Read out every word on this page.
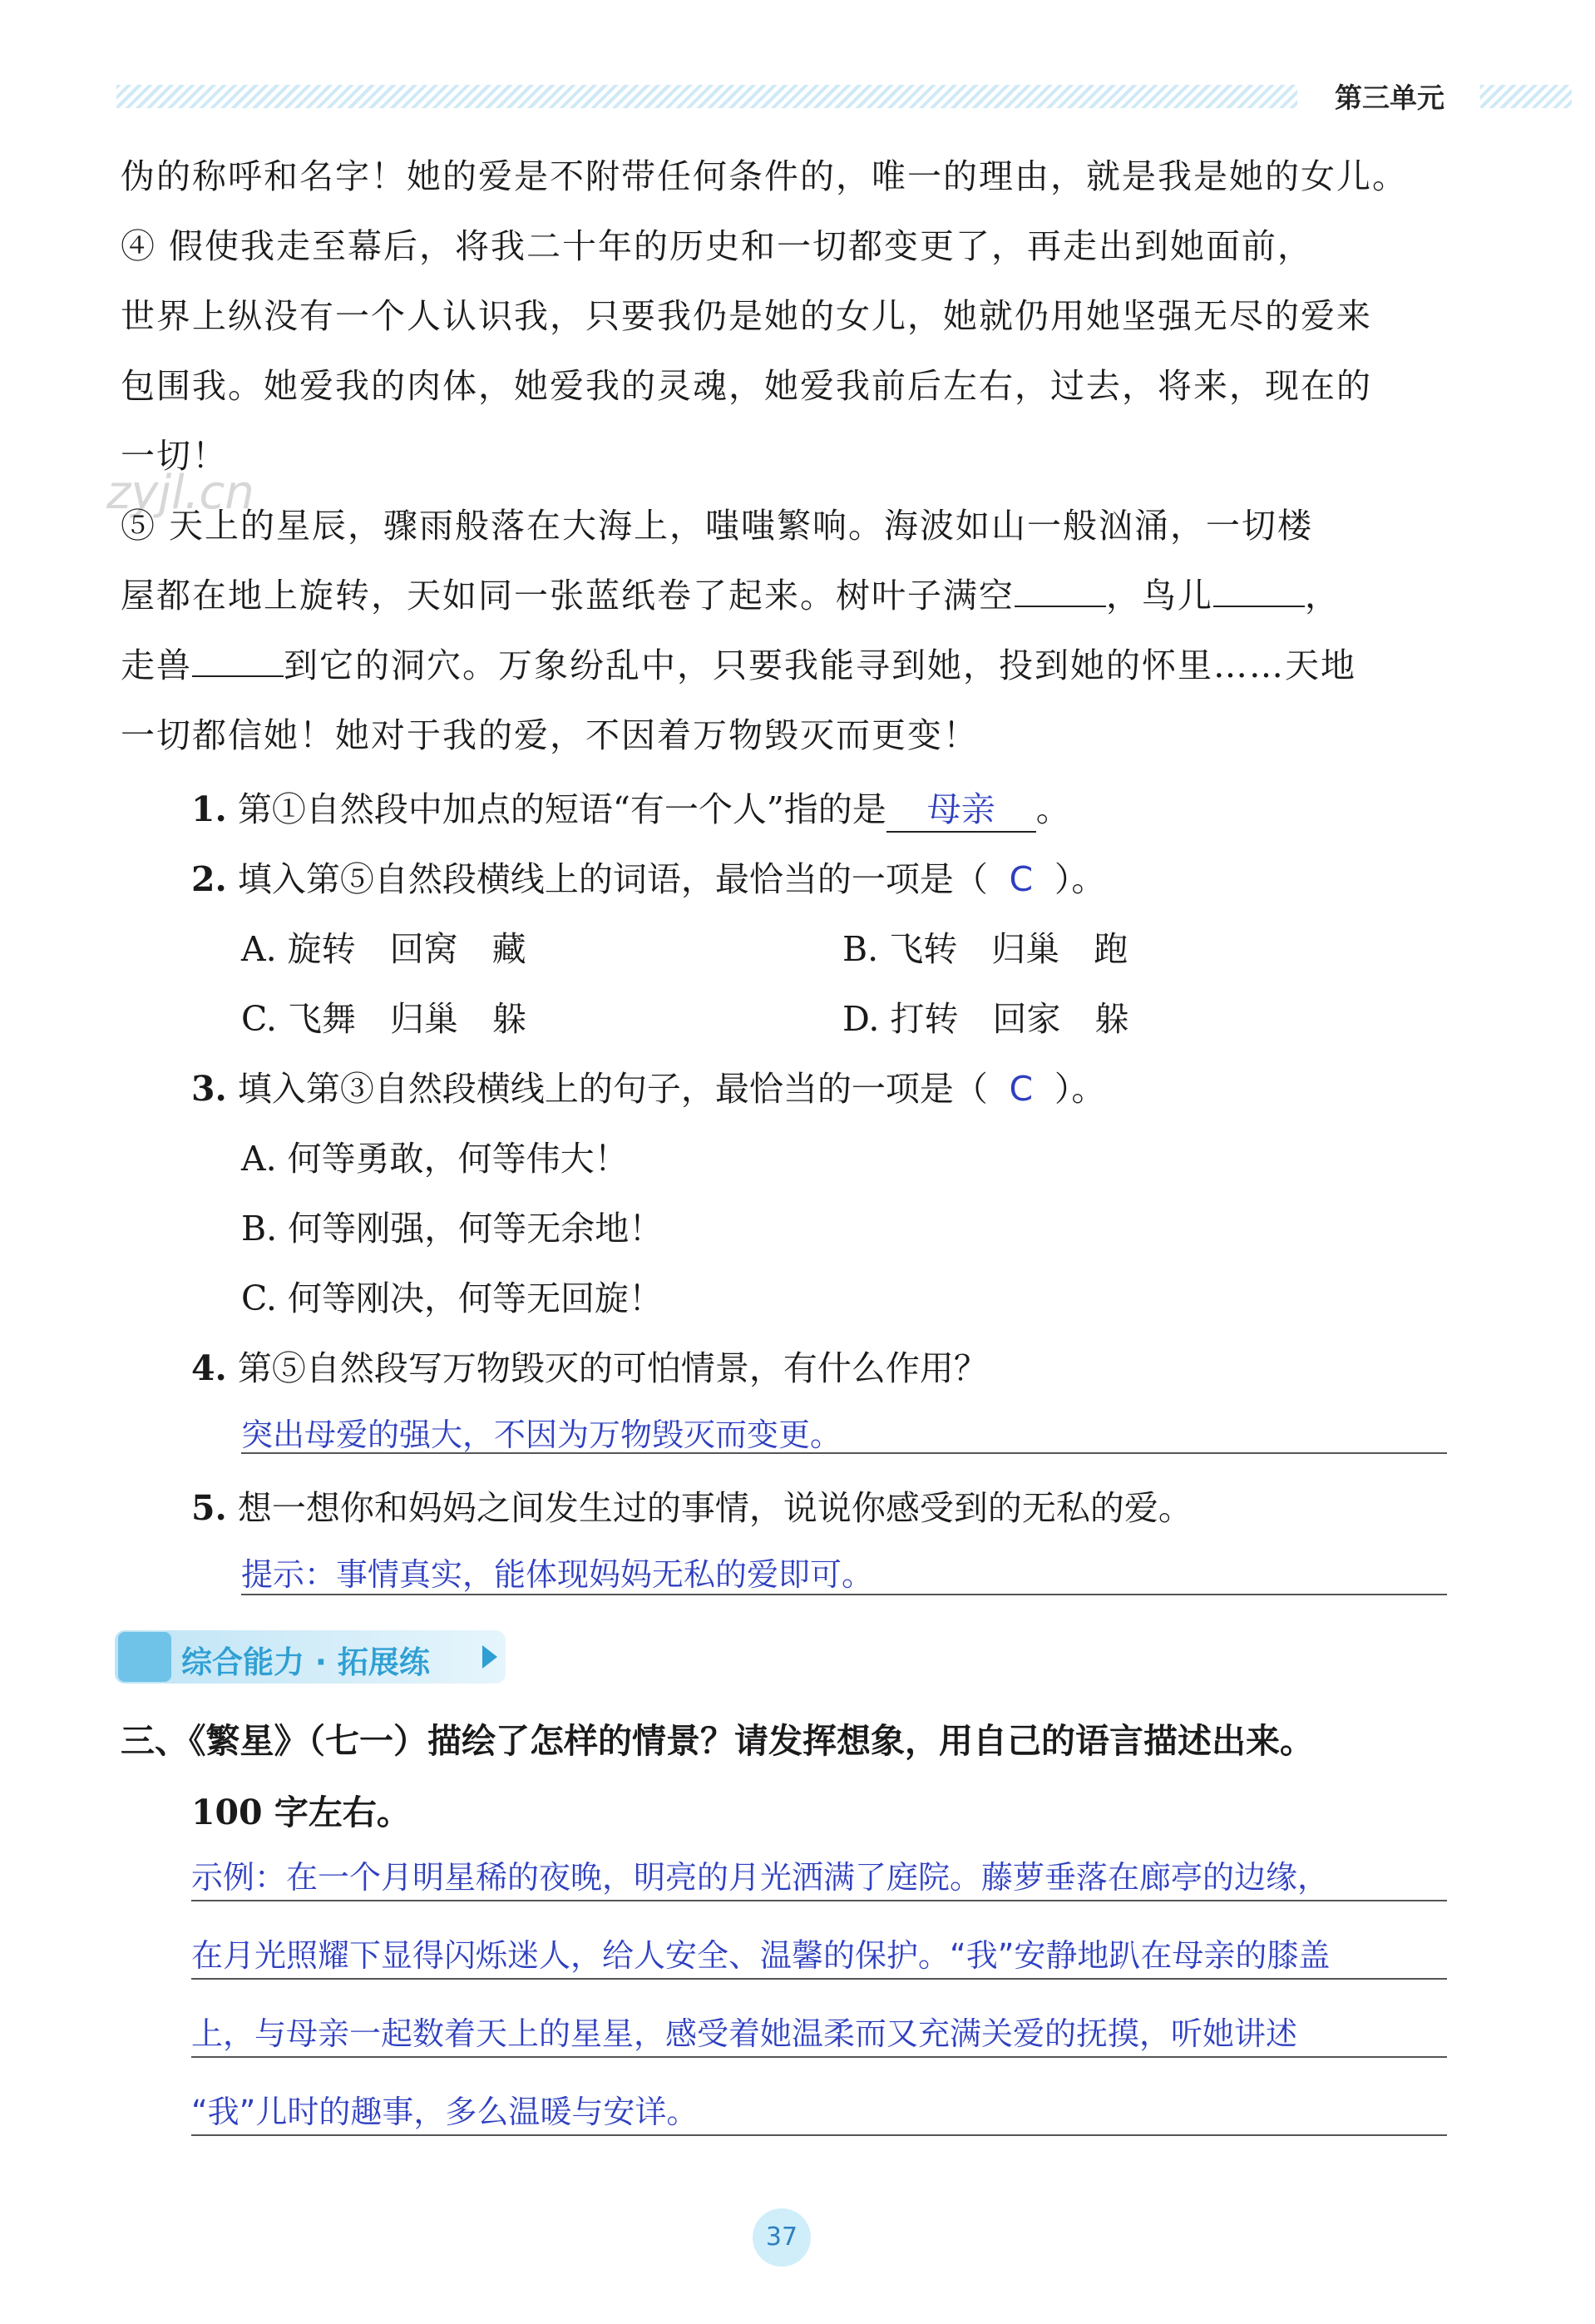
第三单元
zyjl.cn
伪的称呼和名字！她的爱是不附带任何条件的，唯一的理由，就是我是她的女儿。
④ 假使我走至幕后，将我二十年的历史和一切都变更了，再走出到她面前，
世界上纵没有一个人认识我，只要我仍是她的女儿，她就仍用她坚强无尽的爱来
包围我。她爱我的肉体，她爱我的灵魂，她爱我前后左右，过去，将来，现在的
一切！
⑤ 天上的星辰，骤雨般落在大海上，嗤嗤繁响。海波如山一般汹涌，一切楼
屋都在地上旋转，天如同一张蓝纸卷了起来。树叶子满空	，鸟儿	，
走兽	到它的洞穴。万象纷乱中，只要我能寻到她，投到她的怀里……天地
一切都信她！她对于我的爱，不因着万物毁灭而更变！
1. 第①自然段中加点的短语“有一个人”指的是 母亲 。
2. 填入第⑤自然段横线上的词语，最恰当的一项是（ C ）。
A. 旋转　回窝　藏	B. 飞转　归巢　跑
C. 飞舞　归巢　躲	D. 打转　回家　躲
3. 填入第③自然段横线上的句子，最恰当的一项是（ C ）。
A. 何等勇敢，何等伟大！
B. 何等刚强，何等无余地！
C. 何等刚决，何等无回旋！
4. 第⑤自然段写万物毁灭的可怕情景，有什么作用？
突出母爱的强大，不因为万物毁灭而变更。
5. 想一想你和妈妈之间发生过的事情，说说你感受到的无私的爱。
提示：事情真实，能体现妈妈无私的爱即可。
综合能力 · 拓展练
三、《繁星》（七一）描绘了怎样的情景？请发挥想象，用自己的语言描述出来。
100 字左右。
示例：在一个月明星稀的夜晚，明亮的月光洒满了庭院。藤萝垂落在廊亭的边缘，
在月光照耀下显得闪烁迷人，给人安全、温馨的保护。“我”安静地趴在母亲的膝盖
上，与母亲一起数着天上的星星，感受着她温柔而又充满关爱的抚摸，听她讲述
“我”儿时的趣事，多么温暖与安详。
37
